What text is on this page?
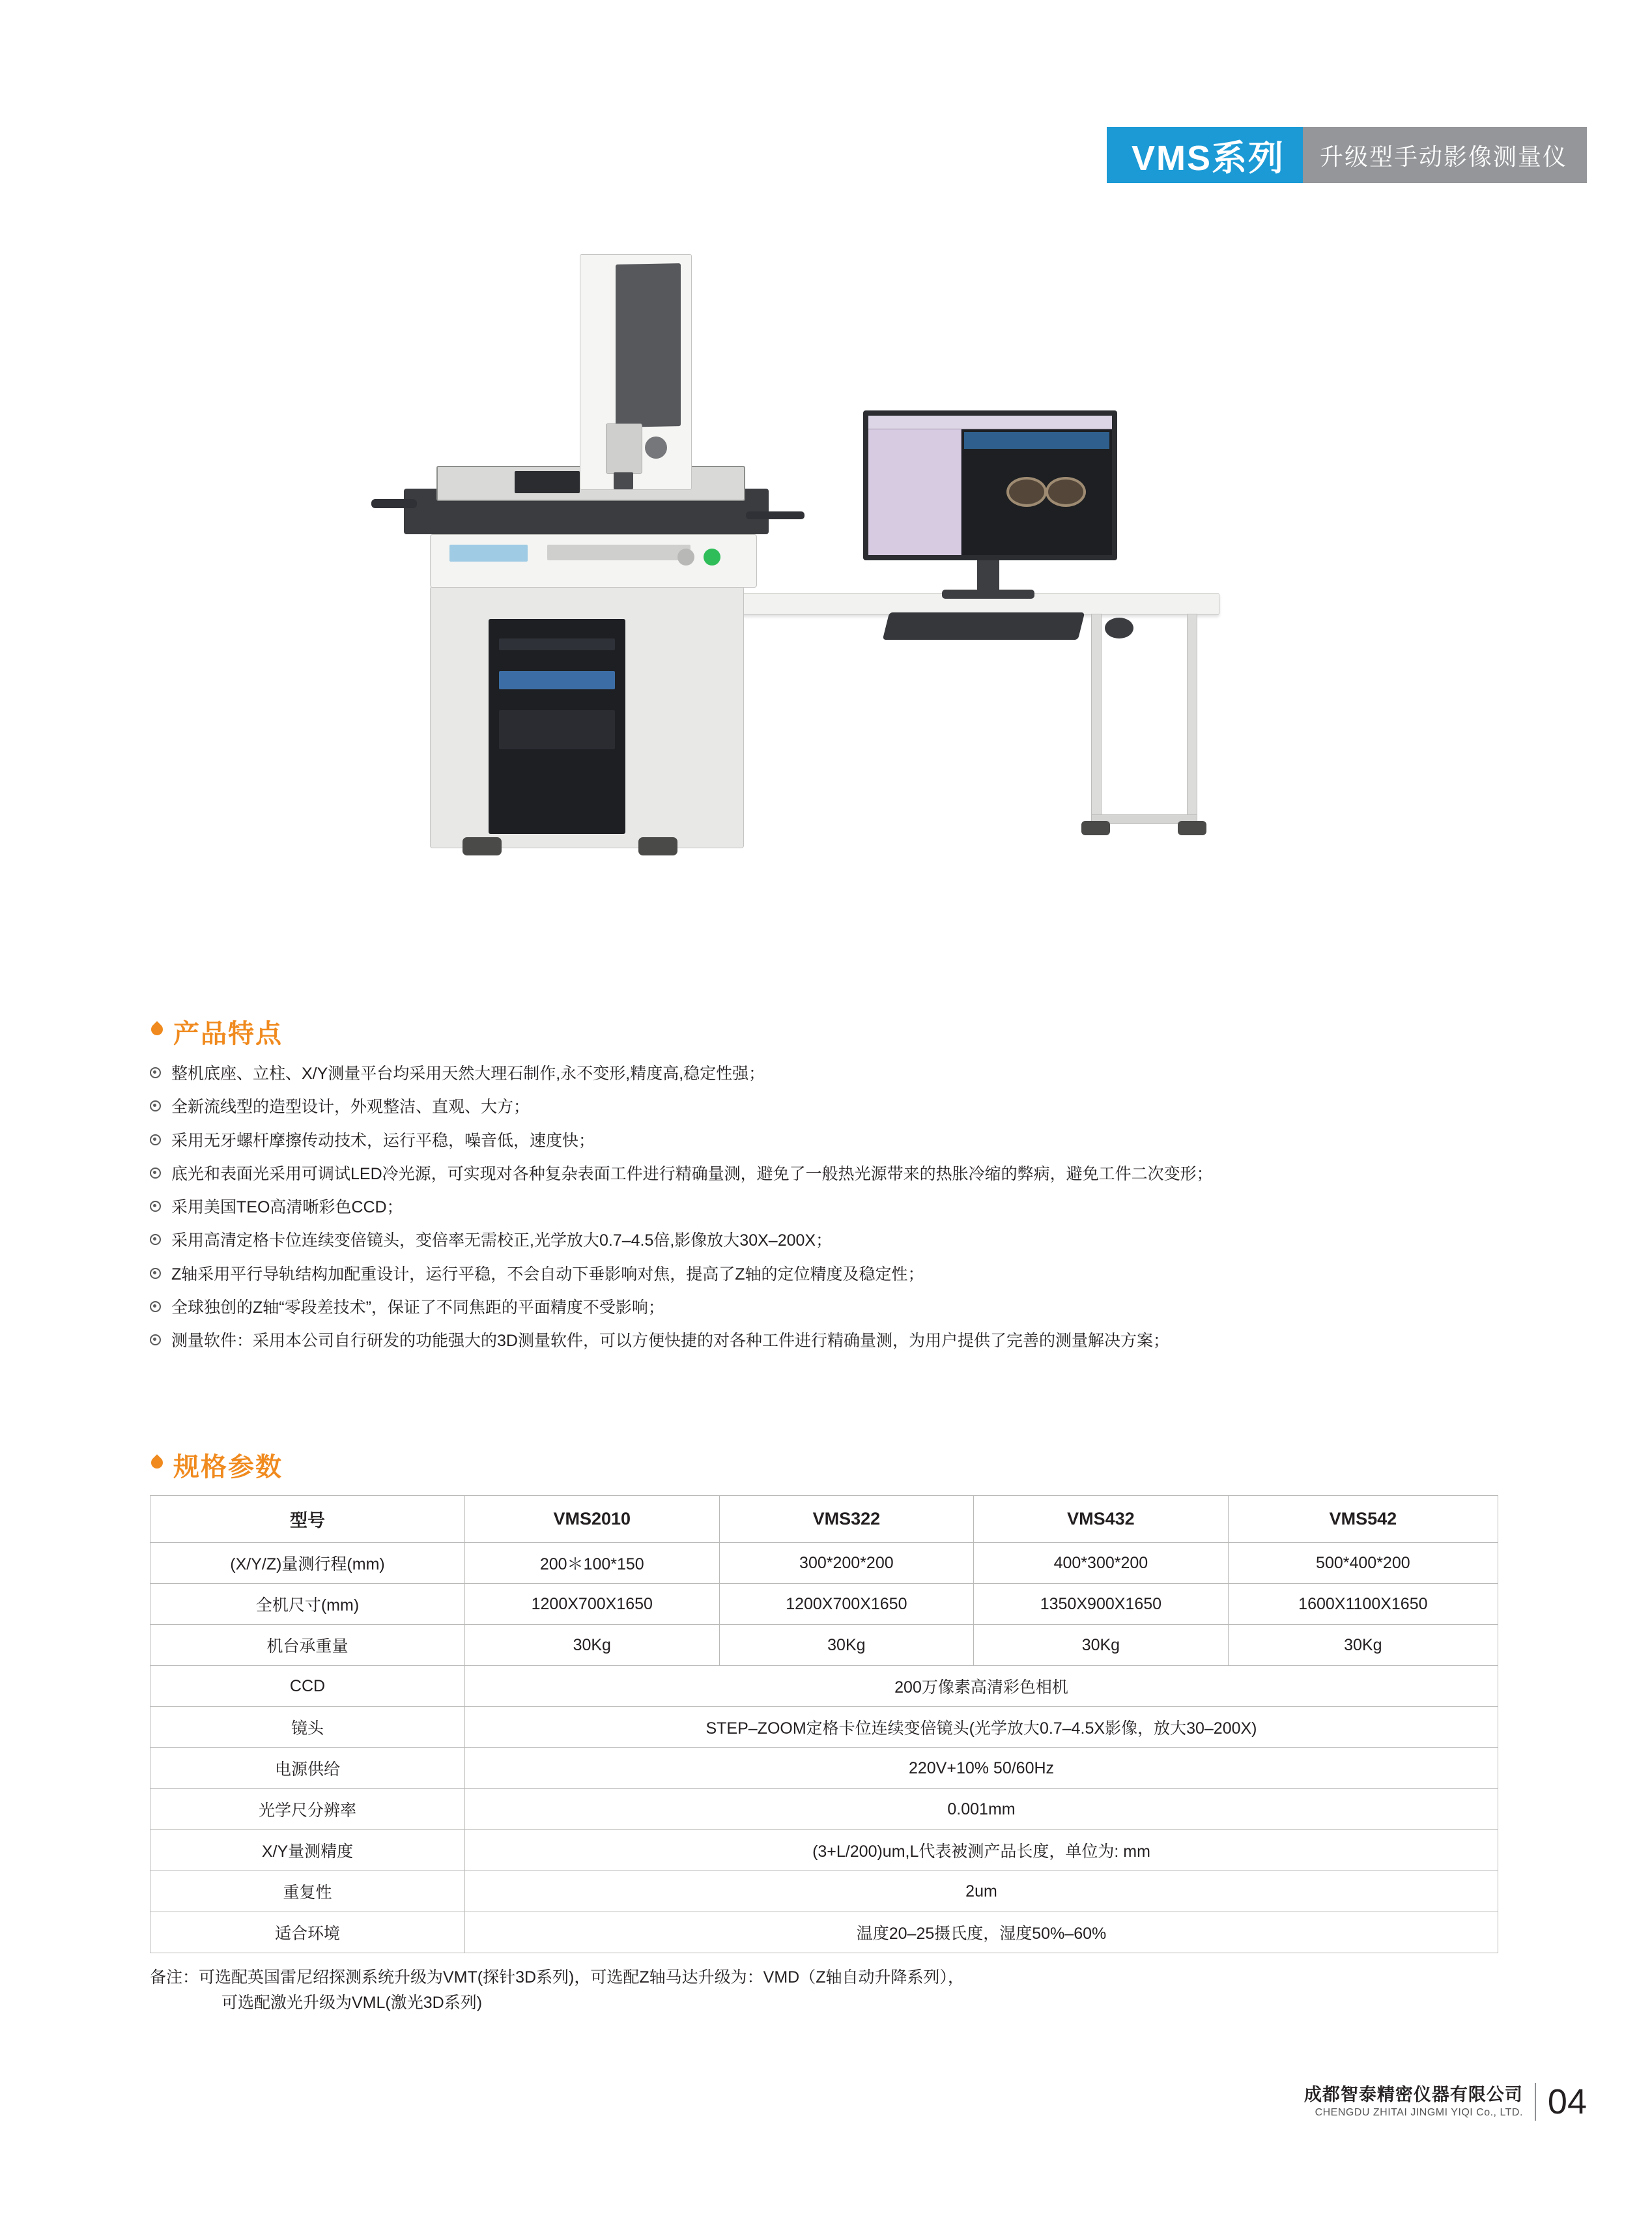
VMS系列	升级型手动影像测量仪
AI-Vision
产品特点
整机底座、立柱、X/Y测量平台均采用天然大理石制作,永不变形,精度高,稳定性强；
全新流线型的造型设计，外观整洁、直观、大方；
采用无牙螺杆摩擦传动技术，运行平稳，噪音低，速度快；
底光和表面光采用可调试LED冷光源，可实现对各种复杂表面工件进行精确量测，避免了一般热光源带来的热胀冷缩的弊病，避免工件二次变形；
采用美国TEO高清晰彩色CCD；
采用高清定格卡位连续变倍镜头，变倍率无需校正,光学放大0.7–4.5倍,影像放大30X–200X；
Z轴采用平行导轨结构加配重设计，运行平稳，不会自动下垂影响对焦，提高了Z轴的定位精度及稳定性；
全球独创的Z轴“零段差技术”，保证了不同焦距的平面精度不受影响；
测量软件：采用本公司自行研发的功能强大的3D测量软件，可以方便快捷的对各种工件进行精确量测，为用户提供了完善的测量解决方案；
规格参数
型号	VMS2010	VMS322	VMS432	VMS542
(X/Y/Z)量测行程(mm)	200＊100*150	300*200*200	400*300*200	500*400*200
全机尺寸(mm)	1200X700X1650	1200X700X1650	1350X900X1650	1600X1100X1650
机台承重量	30Kg	30Kg	30Kg	30Kg
CCD	200万像素高清彩色相机			
镜头	STEP–ZOOM定格卡位连续变倍镜头(光学放大0.7–4.5X影像，放大30–200X)			
电源供给	220V+10% 50/60Hz			
光学尺分辨率	0.001mm			
X/Y量测精度	(3+L/200)um,L代表被测产品长度，单位为: mm			
重复性	2um			
适合环境	温度20–25摄氏度，湿度50%–60%			
备注：可选配英国雷尼绍探测系统升级为VMT(探针3D系列)，可选配Z轴马达升级为：VMD（Z轴自动升降系列），
可选配激光升级为VML(激光3D系列)
成都智泰精密仪器有限公司
CHENGDU ZHITAI JINGMI YIQI Co., LTD. 04
